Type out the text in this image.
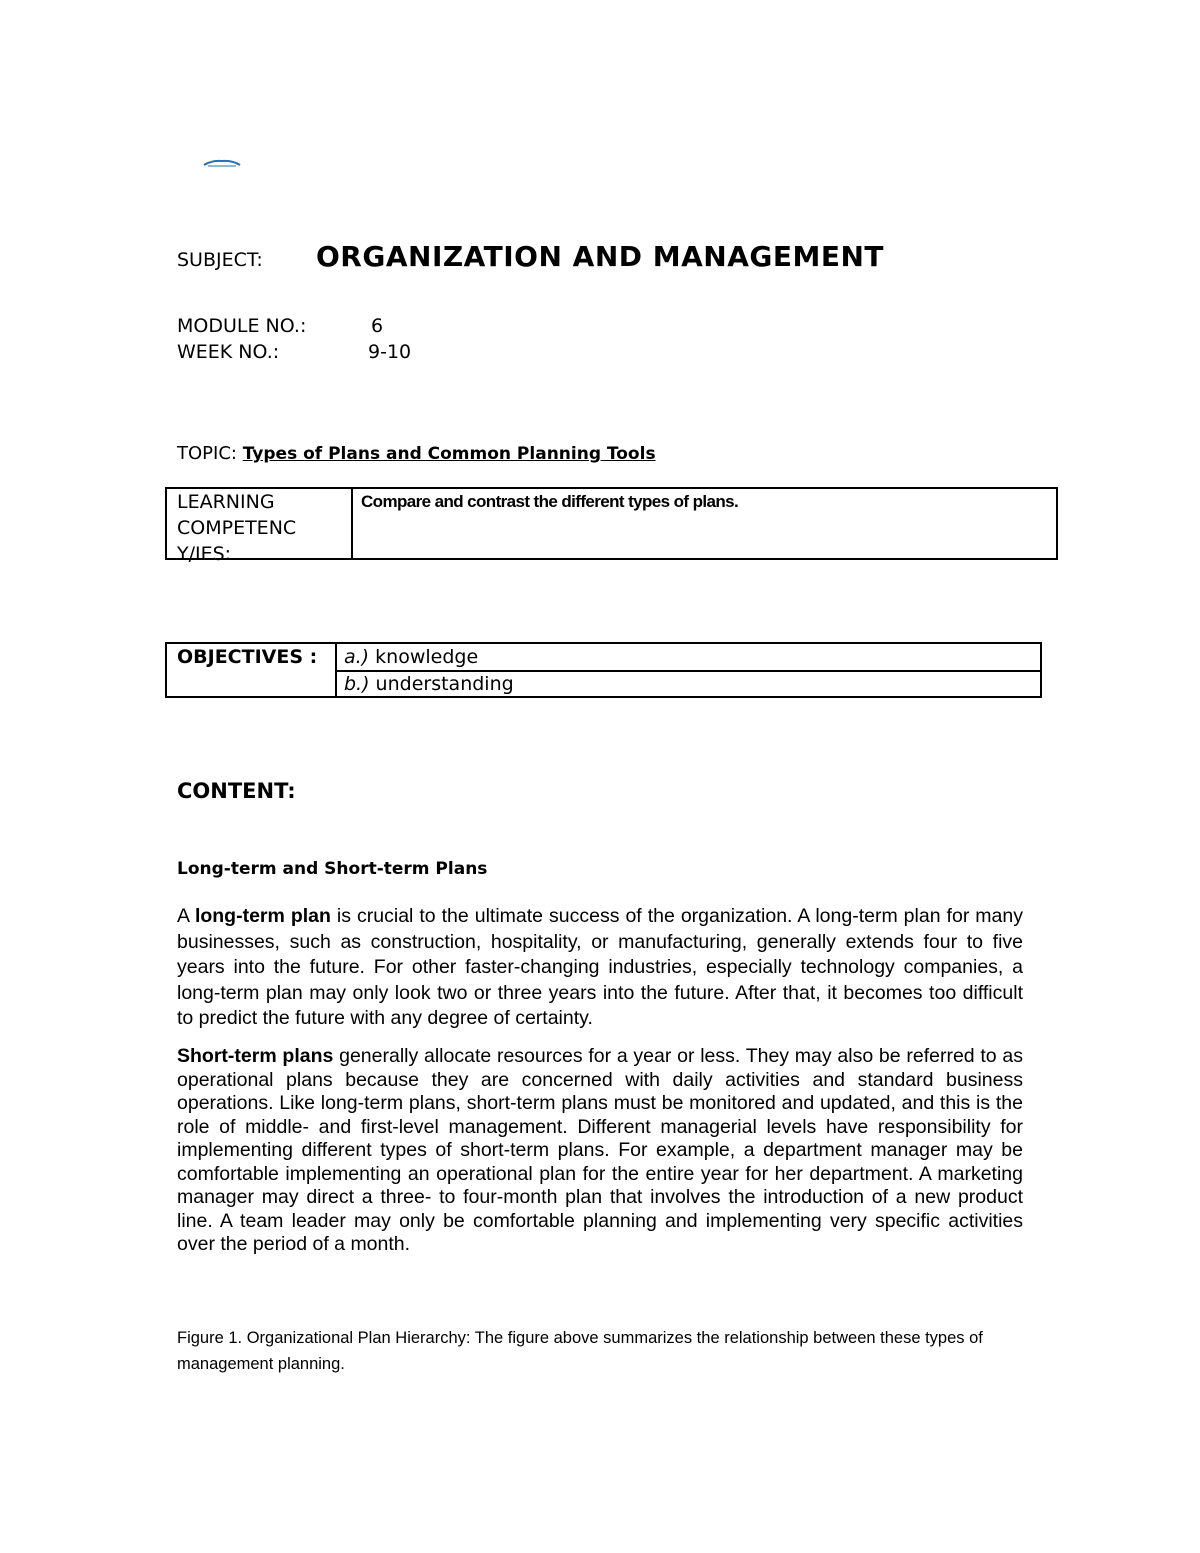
SUBJECT: ORGANIZATION AND MANAGEMENT
MODULE NO.:	6
WEEK NO.:	9-10
TOPIC: Types of Plans and Common Planning Tools
LEARNING COMPETENC Y/IES:
Compare and contrast the different types of plans.
OBJECTIVES : a.) knowledge
b.) understanding
CONTENT:
Long-term and Short-term Plans

A long-term plan is crucial to the ultimate success of the organization. A long-term plan for many businesses, such as construction, hospitality, or manufacturing, generally extends four to five years into the future. For other faster-changing industries, especially technology companies, a long-term plan may only look two or three years into the future. After that, it becomes too difficult to predict the future with any degree of certainty.

Short-term plans generally allocate resources for a year or less. They may also be referred to as operational plans because they are concerned with daily activities and standard business operations. Like long-term plans, short-term plans must be monitored and updated, and this is the role of middle- and first-level management. Different managerial levels have responsibility for implementing different types of short-term plans. For example, a department manager may be comfortable implementing an operational plan for the entire year for her department. A marketing manager may direct a three- to four-month plan that involves the introduction of a new product line. A team leader may only be comfortable planning and implementing very specific activities over the period of a month.

Figure 1. Organizational Plan Hierarchy: The figure above summarizes the relationship between these types of management planning.
